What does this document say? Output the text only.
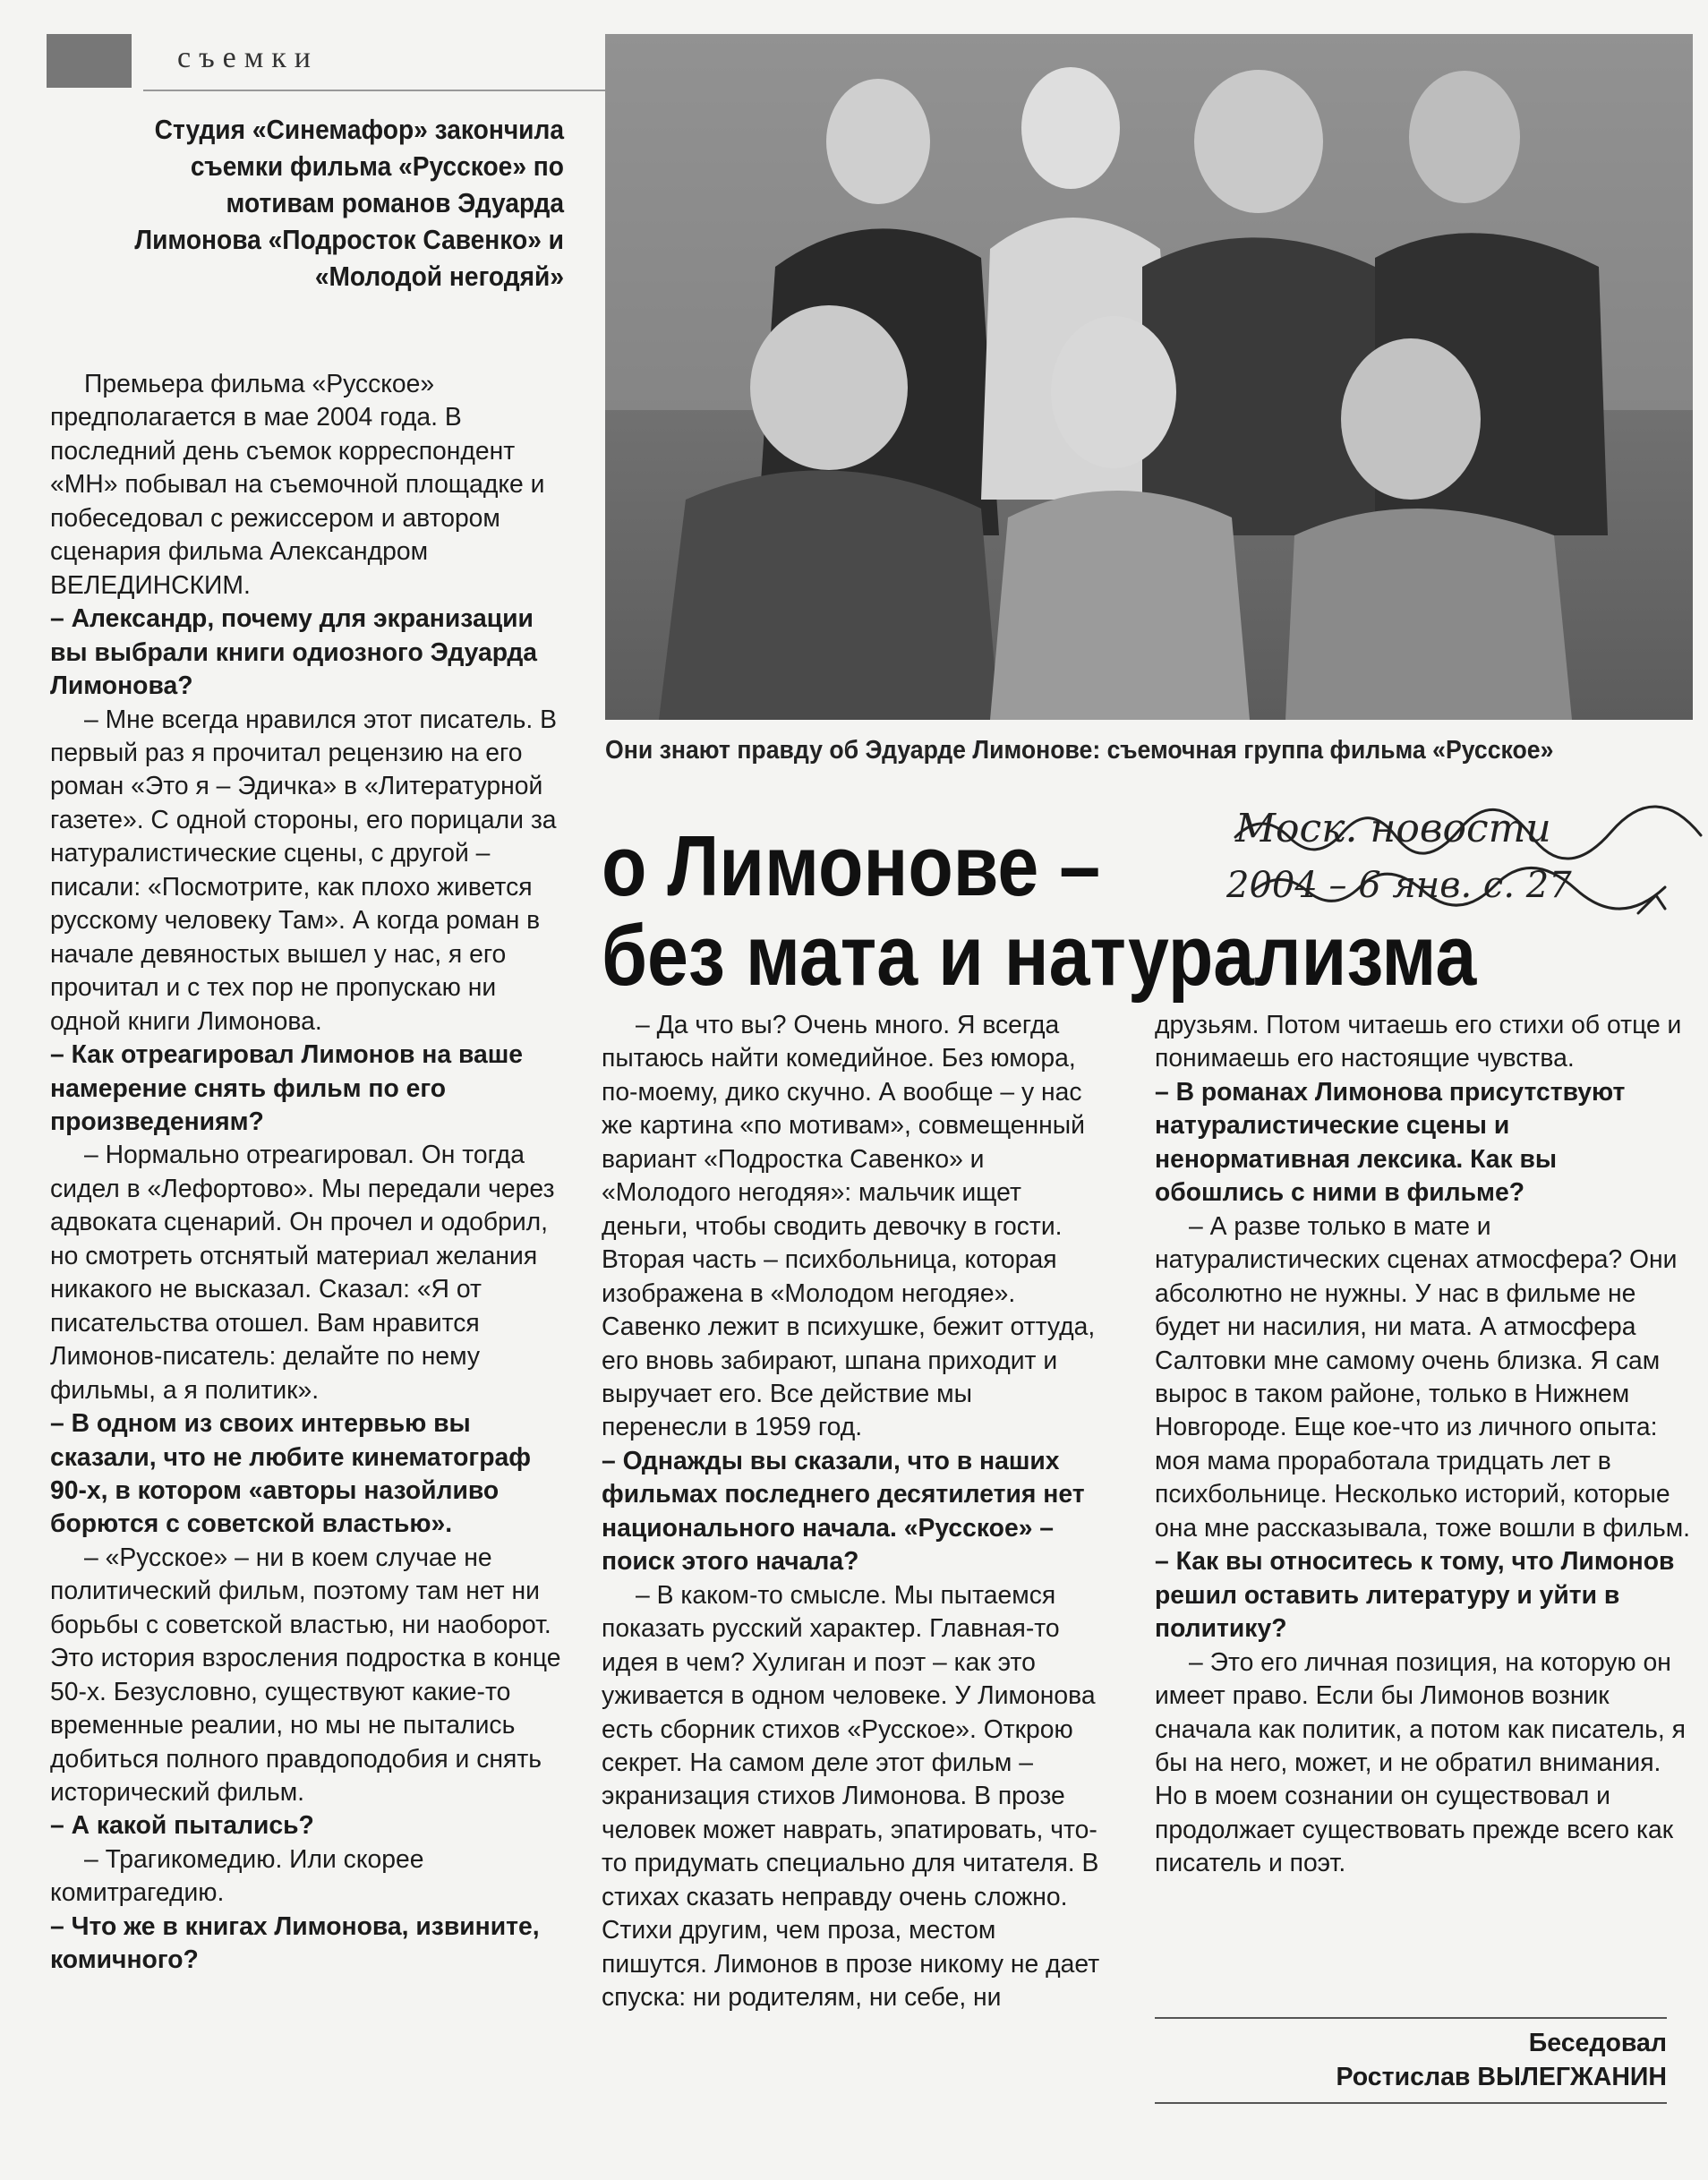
съемки
Студия «Синемафор» закончила съемки фильма «Русское» по мотивам романов Эдуарда Лимонова «Подросток Савенко» и «Молодой негодяй»
Они знают правду об Эдуарде Лимонове: съемочная группа фильма «Русское»
о Лимонове –
без мата и натурализма
Моск. новости
2004 – 6 янв. с. 27

Премьера фильма «Русское» предполагается в мае 2004 года. В последний день съемок корреспондент «МН» побывал на съемочной площадке и побеседовал с режиссером и автором сценария фильма Александром ВЕЛЕДИНСКИМ.

– Александр, почему для экранизации вы выбрали книги одиозного Эдуарда Лимонова?

– Мне всегда нравился этот писатель. В первый раз я прочитал рецензию на его роман «Это я – Эдичка» в «Литературной газете». С одной стороны, его порицали за натуралистические сцены, с другой – писали: «Посмотрите, как плохо живется русскому человеку Там». А когда роман в начале девяностых вышел у нас, я его прочитал и с тех пор не пропускаю ни одной книги Лимонова.

– Как отреагировал Лимонов на ваше намерение снять фильм по его произведениям?

– Нормально отреагировал. Он тогда сидел в «Лефортово». Мы передали через адвоката сценарий. Он прочел и одобрил, но смотреть отснятый материал желания никакого не высказал. Сказал: «Я от писательства отошел. Вам нравится Лимонов-писатель: делайте по нему фильмы, а я политик».

– В одном из своих интервью вы сказали, что не любите кинематограф 90-х, в котором «авторы назойливо борются с советской властью».

– «Русское» – ни в коем случае не политический фильм, поэтому там нет ни борьбы с советской властью, ни наоборот. Это история взросления подростка в конце 50-х. Безусловно, существуют какие-то временные реалии, но мы не пытались добиться полного правдоподобия и снять исторический фильм.

– А какой пытались?

– Трагикомедию. Или скорее комитрагедию.

– Что же в книгах Лимонова, извините, комичного?

– Да что вы? Очень много. Я всегда пытаюсь найти комедийное. Без юмора, по-моему, дико скучно. А вообще – у нас же картина «по мотивам», совмещенный вариант «Подростка Савенко» и «Молодого негодяя»: мальчик ищет деньги, чтобы сводить девочку в гости. Вторая часть – психбольница, которая изображена в «Молодом негодяе». Савенко лежит в психушке, бежит оттуда, его вновь забирают, шпана приходит и выручает его. Все действие мы перенесли в 1959 год.

– Однажды вы сказали, что в наших фильмах последнего десятилетия нет национального начала. «Русское» – поиск этого начала?

– В каком-то смысле. Мы пытаемся показать русский характер. Главная-то идея в чем? Хулиган и поэт – как это уживается в одном человеке. У Лимонова есть сборник стихов «Русское». Открою секрет. На самом деле этот фильм – экранизация стихов Лимонова. В прозе человек может наврать, эпатировать, что-то придумать специально для читателя. В стихах сказать неправду очень сложно. Стихи другим, чем проза, местом пишутся. Лимонов в прозе никому не дает спуска: ни родителям, ни себе, ни

друзьям. Потом читаешь его стихи об отце и понимаешь его настоящие чувства.

– В романах Лимонова присутствуют натуралистические сцены и ненормативная лексика. Как вы обошлись с ними в фильме?

– А разве только в мате и натуралистических сценах атмосфера? Они абсолютно не нужны. У нас в фильме не будет ни насилия, ни мата. А атмосфера Салтовки мне самому очень близка. Я сам вырос в таком районе, только в Нижнем Новгороде. Еще кое-что из личного опыта: моя мама проработала тридцать лет в психбольнице. Несколько историй, которые она мне рассказывала, тоже вошли в фильм.

– Как вы относитесь к тому, что Лимонов решил оставить литературу и уйти в политику?

– Это его личная позиция, на которую он имеет право. Если бы Лимонов возник сначала как политик, а потом как писатель, я бы на него, может, и не обратил внимания. Но в моем сознании он существовал и продолжает существовать прежде всего как писатель и поэт.

Беседовал
Ростислав ВЫЛЕГЖАНИН
